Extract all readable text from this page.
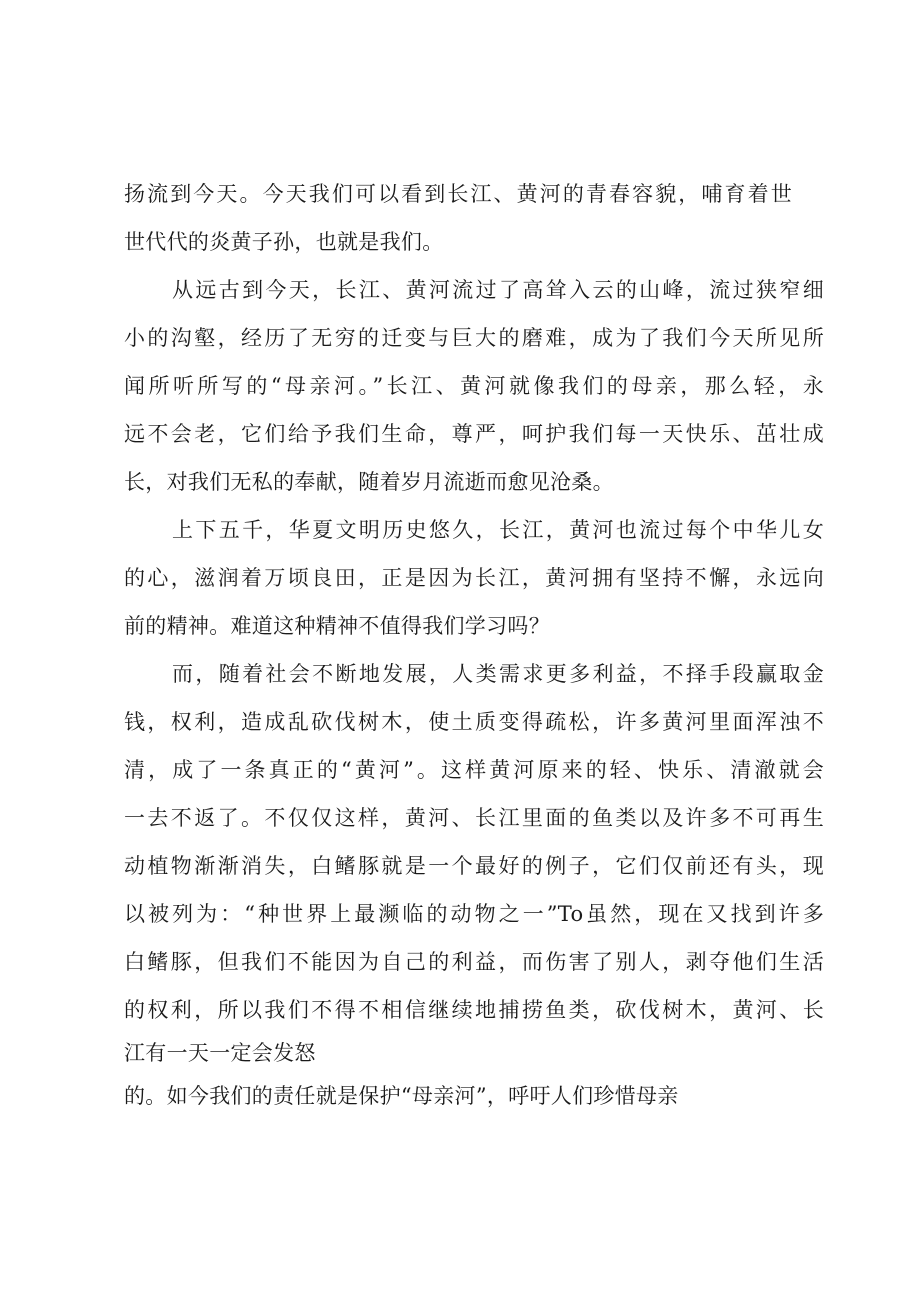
扬流到今天。今天我们可以看到长江、黄河的青春容貌，哺育着世
世代代的炎黄子孙，也就是我们。
从远古到今天，长江、黄河流过了高耸入云的山峰，流过狭窄细
小的沟壑，经历了无穷的迁变与巨大的磨难，成为了我们今天所见所
闻所听所写的“母亲河。”长江、黄河就像我们的母亲，那么轻，永
远不会老，它们给予我们生命，尊严，呵护我们每一天快乐、茁壮成
长，对我们无私的奉献，随着岁月流逝而愈见沧桑。
上下五千，华夏文明历史悠久，长江，黄河也流过每个中华儿女
的心，滋润着万顷良田，正是因为长江，黄河拥有坚持不懈，永远向
前的精神。难道这种精神不值得我们学习吗？
而，随着社会不断地发展，人类需求更多利益，不择手段赢取金
钱，权利，造成乱砍伐树木，使土质变得疏松，许多黄河里面浑浊不
清，成了一条真正的“黄河”。这样黄河原来的轻、快乐、清澈就会
一去不返了。不仅仅这样，黄河、长江里面的鱼类以及许多不可再生
动植物渐渐消失，白鳍豚就是一个最好的例子，它们仅前还有头，现
以被列为：“种世界上最濒临的动物之一”To虽然，现在又找到许多
白鳍豚，但我们不能因为自己的利益，而伤害了别人，剥夺他们生活
的权利，所以我们不得不相信继续地捕捞鱼类，砍伐树木，黄河、长
江有一天一定会发怒
的。如今我们的责任就是保护“母亲河”，呼吁人们珍惜母亲
